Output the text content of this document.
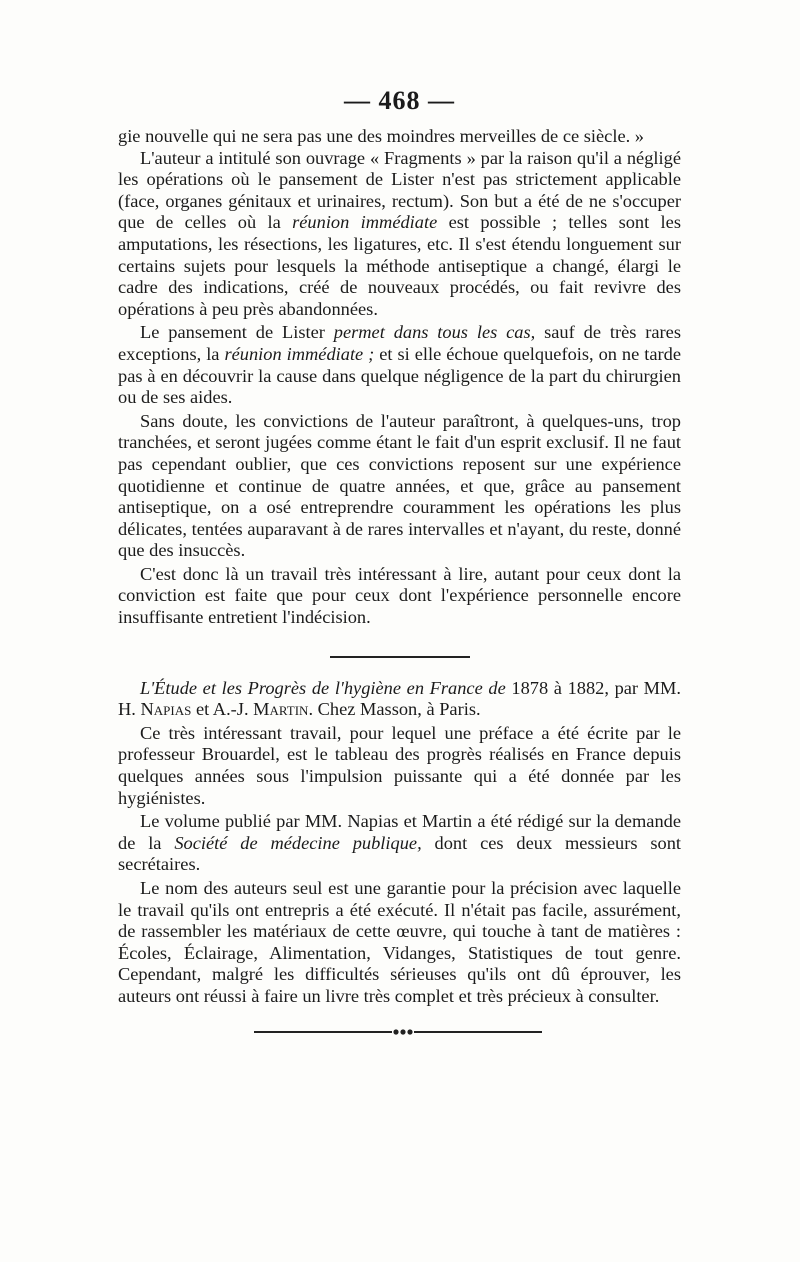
— 468 —

gie nouvelle qui ne sera pas une des moindres merveilles de ce siècle. »

L'auteur a intitulé son ouvrage « Fragments » par la raison qu'il a négligé les opérations où le pansement de Lister n'est pas strictement applicable (face, organes génitaux et urinaires, rectum). Son but a été de ne s'occuper que de celles où la réunion immédiate est possible ; telles sont les amputations, les résections, les ligatures, etc. Il s'est étendu longuement sur certains sujets pour lesquels la méthode antiseptique a changé, élargi le cadre des indications, créé de nouveaux procédés, ou fait revivre des opérations à peu près abandonnées.

Le pansement de Lister permet dans tous les cas, sauf de très rares exceptions, la réunion immédiate ; et si elle échoue quelquefois, on ne tarde pas à en découvrir la cause dans quelque négligence de la part du chirurgien ou de ses aides.

Sans doute, les convictions de l'auteur paraîtront, à quelques-uns, trop tranchées, et seront jugées comme étant le fait d'un esprit exclusif. Il ne faut pas cependant oublier, que ces convictions reposent sur une expérience quotidienne et continue de quatre années, et que, grâce au pansement antiseptique, on a osé entreprendre couramment les opérations les plus délicates, tentées auparavant à de rares intervalles et n'ayant, du reste, donné que des insuccès.

C'est donc là un travail très intéressant à lire, autant pour ceux dont la conviction est faite que pour ceux dont l'expérience personnelle encore insuffisante entretient l'indécision.

L'Étude et les Progrès de l'hygiène en France de 1878 à 1882, par MM. H. Napias et A.-J. Martin. Chez Masson, à Paris.

Ce très intéressant travail, pour lequel une préface a été écrite par le professeur Brouardel, est le tableau des progrès réalisés en France depuis quelques années sous l'impulsion puissante qui a été donnée par les hygiénistes.

Le volume publié par MM. Napias et Martin a été rédigé sur la demande de la Société de médecine publique, dont ces deux messieurs sont secrétaires.

Le nom des auteurs seul est une garantie pour la précision avec laquelle le travail qu'ils ont entrepris a été exécuté. Il n'était pas facile, assurément, de rassembler les matériaux de cette œuvre, qui touche à tant de matières : Écoles, Éclairage, Alimentation, Vidanges, Statistiques de tout genre. Cependant, malgré les difficultés sérieuses qu'ils ont dû éprouver, les auteurs ont réussi à faire un livre très complet et très précieux à consulter.
